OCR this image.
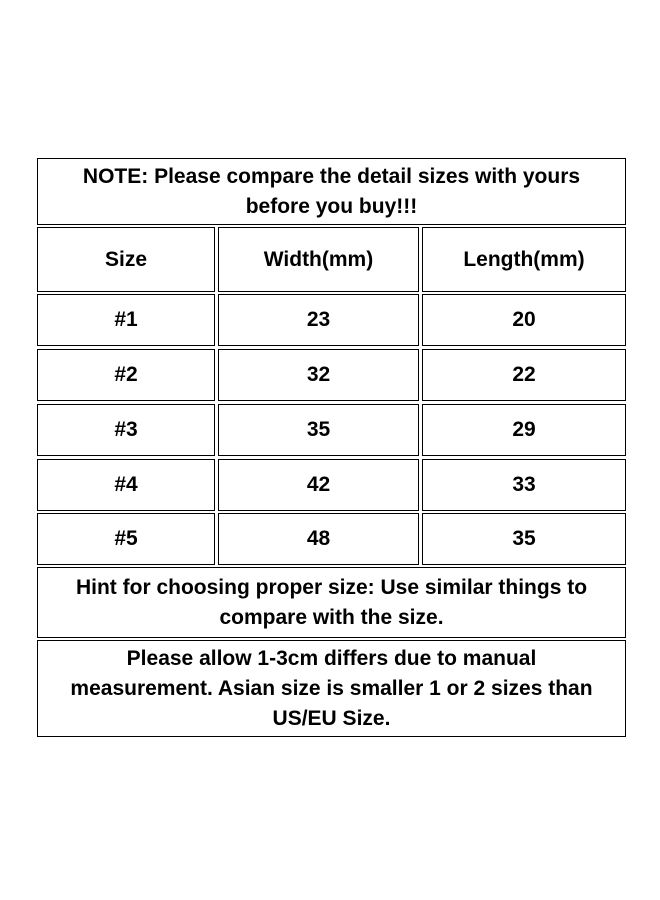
NOTE: Please compare the detail sizes with yours
before you buy!!!
Size	Width(mm)	Length(mm)
#1	23	20
#2	32	22
#3	35	29
#4	42	33
#5	48	35
Hint for choosing proper size: Use similar things to
compare with the size.
Please allow 1-3cm differs due to manual
measurement. Asian size is smaller 1 or 2 sizes than
US/EU Size.
